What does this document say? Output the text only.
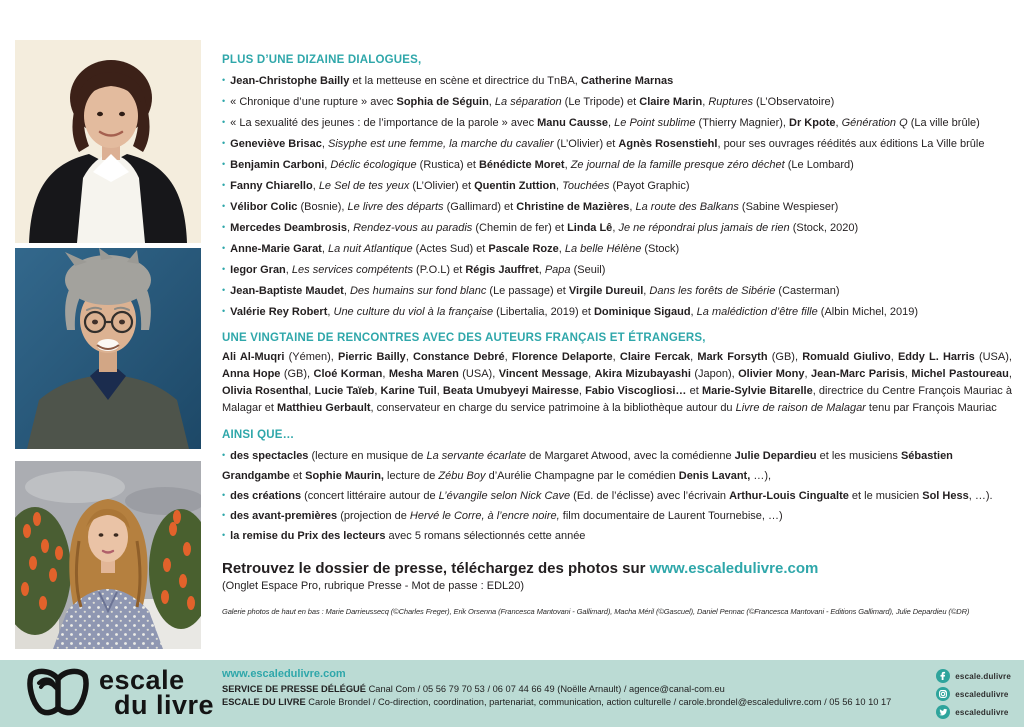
PLUS D’UNE DIZAINE DIALOGUES,
• Jean-Christophe Bailly et la metteuse en scène et directrice du TnBA, Catherine Marnas
• « Chronique d’une rupture » avec Sophia de Séguin, La séparation (Le Tripode) et Claire Marin, Ruptures (L’Observatoire)
• « La sexualité des jeunes : de l’importance de la parole » avec Manu Causse, Le Point sublime (Thierry Magnier), Dr Kpote, Génération Q (La ville brûle)
• Geneviève Brisac, Sisyphe est une femme, la marche du cavalier (L’Olivier) et Agnès Rosenstiehl, pour ses ouvrages réédités aux éditions La Ville brûle
• Benjamin Carboni, Déclic écologique (Rustica) et Bénédicte Moret, Ze journal de la famille presque zéro déchet (Le Lombard)
• Fanny Chiarello, Le Sel de tes yeux (L’Olivier) et Quentin Zuttion, Touchées (Payot Graphic)
• Vélibor Colic (Bosnie), Le livre des départs (Gallimard) et Christine de Mazières, La route des Balkans (Sabine Wespieser)
• Mercedes Deambrosis, Rendez-vous au paradis (Chemin de fer) et Linda Lê, Je ne répondrai plus jamais de rien (Stock, 2020)
• Anne-Marie Garat, La nuit Atlantique (Actes Sud) et Pascale Roze, La belle Hélène (Stock)
• Iegor Gran, Les services compétents (P.O.L) et Régis Jauffret, Papa (Seuil)
• Jean-Baptiste Maudet, Des humains sur fond blanc (Le passage) et Virgile Dureuil, Dans les forêts de Sibérie (Casterman)
• Valérie Rey Robert, Une culture du viol à la française (Libertalia, 2019) et Dominique Sigaud, La malédiction d’être fille (Albin Michel, 2019)
UNE VINGTAINE DE RENCONTRES AVEC DES AUTEURS FRANÇAIS ET ÉTRANGERS,
Ali Al-Muqri (Yémen), Pierric Bailly, Constance Debré, Florence Delaporte, Claire Fercak, Mark Forsyth (GB), Romuald Giulivo, Eddy L. Harris (USA), Anna Hope (GB), Cloé Korman, Mesha Maren (USA), Vincent Message, Akira Mizubayashi (Japon), Olivier Mony, Jean-Marc Parisis, Michel Pastoureau, Olivia Rosenthal, Lucie Taïeb, Karine Tuil, Beata Umubyeyi Mairesse, Fabio Viscogliosi… et Marie-Sylvie Bitarelle, directrice du Centre François Mauriac à Malagar et Matthieu Gerbault, conservateur en charge du service patrimoine à la bibliothèque autour du Livre de raison de Malagar tenu par François Mauriac
AINSI QUE…
• des spectacles (lecture en musique de La servante écarlate de Margaret Atwood, avec la comédienne Julie Depardieu et les musiciens Sébastien Grandgambe et Sophie Maurin, lecture de Zébu Boy d’Aurélie Champagne par le comédien Denis Lavant, …),
• des créations (concert littéraire autour de L’évangile selon Nick Cave (Ed. de l’éclisse) avec l’écrivain Arthur-Louis Cingualte et le musicien Sol Hess, …).
• des avant-premières (projection de Hervé le Corre, à l’encre noire, film documentaire de Laurent Tournebise, …)
• la remise du Prix des lecteurs avec 5 romans sélectionnés cette année
Retrouvez le dossier de presse, téléchargez des photos sur www.escaledulivre.com
(Onglet Espace Pro, rubrique Presse - Mot de passe : EDL20)
Galerie photos de haut en bas : Marie Darrieussecq (©Charles Freger), Erik Orsenna (Francesca Mantovani - Gallimard), Macha Méril (©Gascuel), Daniel Pennac (©Francesca Mantovani - Editions Gallimard), Julie Depardieu (©DR)
escale
du livre
www.escaledulivre.com
SERVICE DE PRESSE DÉLÉGUÉ Canal Com / 05 56 79 70 53 / 06 07 44 66 49 (Noëlle Arnault) / agence@canal-com.eu
ESCALE DU LIVRE Carole Brondel / Co-direction, coordination, partenariat, communication, action culturelle / carole.brondel@escaledulivre.com / 05 56 10 10 17
escale.dulivre
escaledulivre
escaledulivre
